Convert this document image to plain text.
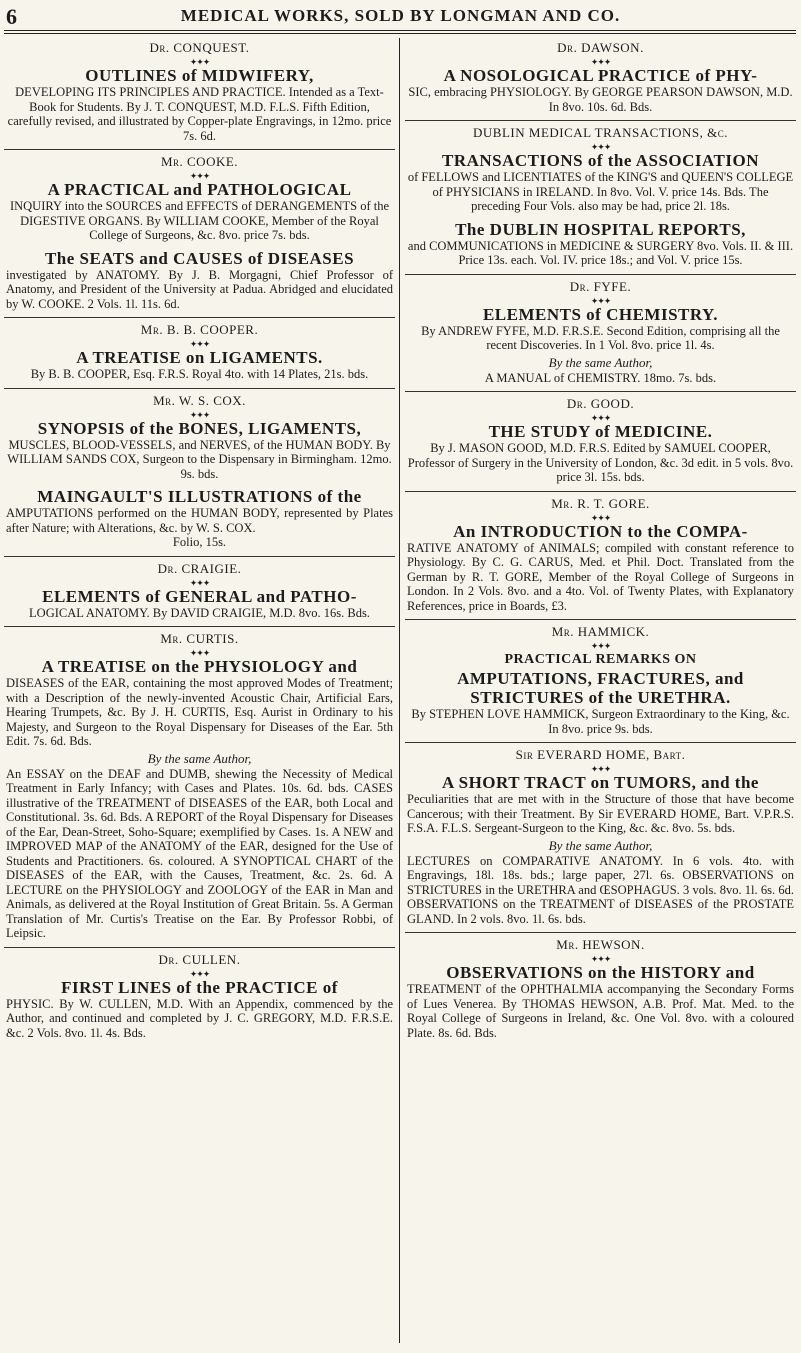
6	MEDICAL WORKS, SOLD BY LONGMAN AND CO.
Dr. CONQUEST.
✦✦✦
OUTLINES of MIDWIFERY,
DEVELOPING ITS PRINCIPLES AND PRACTICE. Intended as a Text-Book for Students. By J. T. CONQUEST, M.D. F.L.S. Fifth Edition, carefully revised, and illustrated by Copper-plate Engravings, in 12mo. price 7s. 6d.
Mr. COOKE.
✦✦✦
A PRACTICAL and PATHOLOGICAL
INQUIRY into the SOURCES and EFFECTS of DERANGEMENTS of the DIGESTIVE ORGANS. By WILLIAM COOKE, Member of the Royal College of Surgeons, &c. 8vo. price 7s. bds.
The SEATS and CAUSES of DISEASES
investigated by ANATOMY. By J. B. Morgagni, Chief Professor of Anatomy, and President of the University at Padua. Abridged and elucidated by W. COOKE. 2 Vols. 1l. 11s. 6d.
Mr. B. B. COOPER.
✦✦✦
A TREATISE on LIGAMENTS.
By B. B. COOPER, Esq. F.R.S. Royal 4to. with 14 Plates, 21s. bds.
Mr. W. S. COX.
✦✦✦
SYNOPSIS of the BONES, LIGAMENTS,
MUSCLES, BLOOD-VESSELS, and NERVES, of the HUMAN BODY. By WILLIAM SANDS COX, Surgeon to the Dispensary in Birmingham. 12mo. 9s. bds.
MAINGAULT'S ILLUSTRATIONS of the
AMPUTATIONS performed on the HUMAN BODY, represented by Plates after Nature; with Alterations, &c. by W. S. COX.
Folio, 15s.
Dr. CRAIGIE.
✦✦✦
ELEMENTS of GENERAL and PATHO-
LOGICAL ANATOMY. By DAVID CRAIGIE, M.D. 8vo. 16s. Bds.
Mr. CURTIS.
✦✦✦
A TREATISE on the PHYSIOLOGY and
DISEASES of the EAR, containing the most approved Modes of Treatment; with a Description of the newly-invented Acoustic Chair, Artificial Ears, Hearing Trumpets, &c. By J. H. CURTIS, Esq. Aurist in Ordinary to his Majesty, and Surgeon to the Royal Dispensary for Diseases of the Ear. 5th Edit. 7s. 6d. Bds.
By the same Author,
An ESSAY on the DEAF and DUMB, shewing the Necessity of Medical Treatment in Early Infancy; with Cases and Plates. 10s. 6d. bds. CASES illustrative of the TREATMENT of DISEASES of the EAR, both Local and Constitutional. 3s. 6d. Bds. A REPORT of the Royal Dispensary for Diseases of the Ear, Dean-Street, Soho-Square; exemplified by Cases. 1s. A NEW and IMPROVED MAP of the ANATOMY of the EAR, designed for the Use of Students and Practitioners. 6s. coloured. A SYNOPTICAL CHART of the DISEASES of the EAR, with the Causes, Treatment, &c. 2s. 6d. A LECTURE on the PHYSIOLOGY and ZOOLOGY of the EAR in Man and Animals, as delivered at the Royal Institution of Great Britain. 5s. A German Translation of Mr. Curtis's Treatise on the Ear. By Professor Robbi, of Leipsic.
Dr. CULLEN.
✦✦✦
FIRST LINES of the PRACTICE of
PHYSIC. By W. CULLEN, M.D. With an Appendix, commenced by the Author, and continued and completed by J. C. GREGORY, M.D. F.R.S.E. &c. 2 Vols. 8vo. 1l. 4s. Bds.
Dr. DAWSON.
✦✦✦
A NOSOLOGICAL PRACTICE of PHY-
SIC, embracing PHYSIOLOGY. By GEORGE PEARSON DAWSON, M.D. In 8vo. 10s. 6d. Bds.
DUBLIN MEDICAL TRANSACTIONS, &c.
✦✦✦
TRANSACTIONS of the ASSOCIATION
of FELLOWS and LICENTIATES of the KING'S and QUEEN'S COLLEGE of PHYSICIANS in IRELAND. In 8vo. Vol. V. price 14s. Bds. The preceding Four Vols. also may be had, price 2l. 18s.
The DUBLIN HOSPITAL REPORTS,
and COMMUNICATIONS in MEDICINE & SURGERY 8vo. Vols. II. & III. Price 13s. each. Vol. IV. price 18s.; and Vol. V. price 15s.
Dr. FYFE.
✦✦✦
ELEMENTS of CHEMISTRY.
By ANDREW FYFE, M.D. F.R.S.E. Second Edition, comprising all the recent Discoveries. In 1 Vol. 8vo. price 1l. 4s.
By the same Author,
A MANUAL of CHEMISTRY. 18mo. 7s. bds.
Dr. GOOD.
✦✦✦
THE STUDY of MEDICINE.
By J. MASON GOOD, M.D. F.R.S. Edited by SAMUEL COOPER, Professor of Surgery in the University of London, &c. 3d edit. in 5 vols. 8vo. price 3l. 15s. bds.
Mr. R. T. GORE.
✦✦✦
An INTRODUCTION to the COMPA-
RATIVE ANATOMY of ANIMALS; compiled with constant reference to Physiology. By C. G. CARUS, Med. et Phil. Doct. Translated from the German by R. T. GORE, Member of the Royal College of Surgeons in London. In 2 Vols. 8vo. and a 4to. Vol. of Twenty Plates, with Explanatory References, price in Boards, £3.
Mr. HAMMICK.
✦✦✦
PRACTICAL REMARKS ON
AMPUTATIONS, FRACTURES, and
STRICTURES of the URETHRA.
By STEPHEN LOVE HAMMICK, Surgeon Extraordinary to the King, &c. In 8vo. price 9s. bds.
Sir EVERARD HOME, Bart.
✦✦✦
A SHORT TRACT on TUMORS, and the
Peculiarities that are met with in the Structure of those that have become Cancerous; with their Treatment. By Sir EVERARD HOME, Bart. V.P.R.S. F.S.A. F.L.S. Sergeant-Surgeon to the King, &c. &c. 8vo. 5s. bds.
By the same Author,
LECTURES on COMPARATIVE ANATOMY. In 6 vols. 4to. with Engravings, 18l. 18s. bds.; large paper, 27l. 6s. OBSERVATIONS on STRICTURES in the URETHRA and ŒSOPHAGUS. 3 vols. 8vo. 1l. 6s. 6d. OBSERVATIONS on the TREATMENT of DISEASES of the PROSTATE GLAND. In 2 vols. 8vo. 1l. 6s. bds.
Mr. HEWSON.
✦✦✦
OBSERVATIONS on the HISTORY and
TREATMENT of the OPHTHALMIA accompanying the Secondary Forms of Lues Venerea. By THOMAS HEWSON, A.B. Prof. Mat. Med. to the Royal College of Surgeons in Ireland, &c. One Vol. 8vo. with a coloured Plate. 8s. 6d. Bds.
